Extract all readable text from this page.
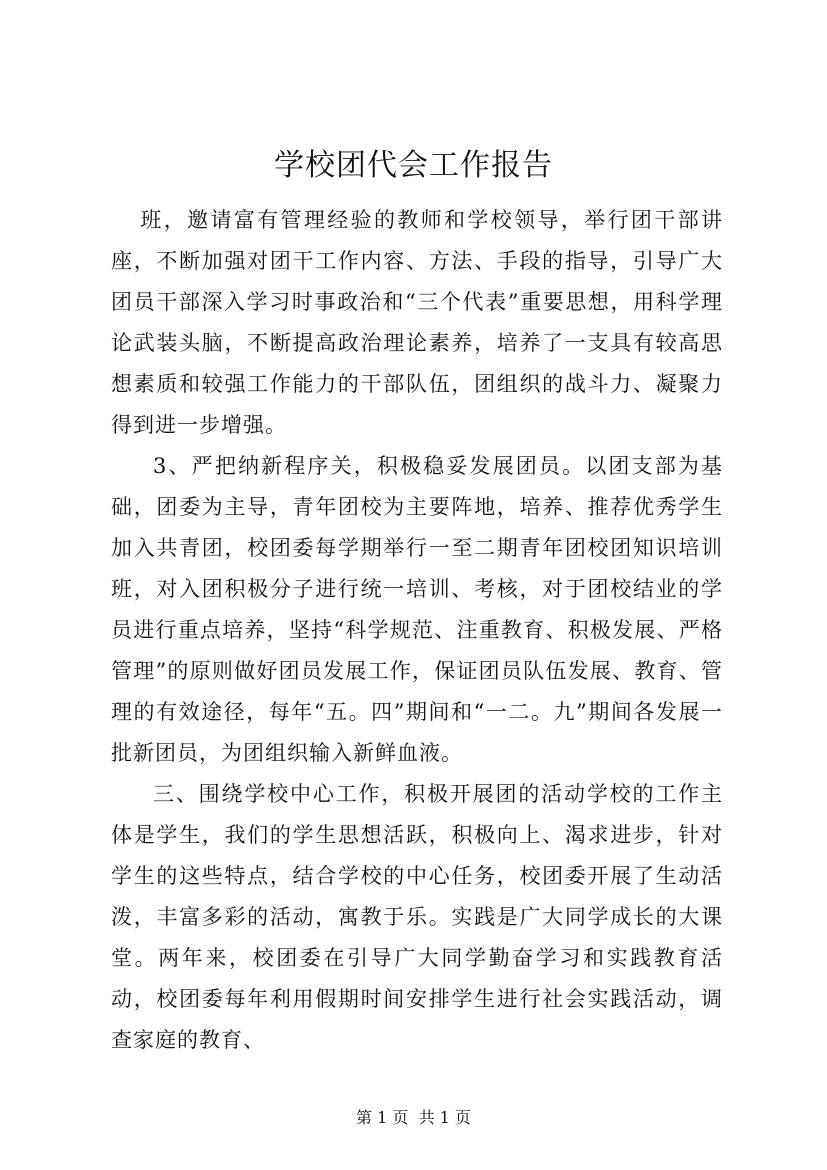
学校团代会工作报告

班，邀请富有管理经验的教师和学校领导，举行团干部讲座，不断加强对团干工作内容、方法、手段的指导，引导广大团员干部深入学习时事政治和“三个代表”重要思想，用科学理论武装头脑，不断提高政治理论素养，培养了一支具有较高思想素质和较强工作能力的干部队伍，团组织的战斗力、凝聚力得到进一步增强。

3、严把纳新程序关，积极稳妥发展团员。以团支部为基础，团委为主导，青年团校为主要阵地，培养、推荐优秀学生加入共青团，校团委每学期举行一至二期青年团校团知识培训班，对入团积极分子进行统一培训、考核，对于团校结业的学员进行重点培养，坚持“科学规范、注重教育、积极发展、严格管理”的原则做好团员发展工作，保证团员队伍发展、教育、管理的有效途径，每年“五。四”期间和“一二。九”期间各发展一批新团员，为团组织输入新鲜血液。

三、围绕学校中心工作，积极开展团的活动学校的工作主体是学生，我们的学生思想活跃，积极向上、渴求进步，针对学生的这些特点，结合学校的中心任务，校团委开展了生动活泼，丰富多彩的活动，寓教于乐。实践是广大同学成长的大课堂。两年来，校团委在引导广大同学勤奋学习和实践教育活动，校团委每年利用假期时间安排学生进行社会实践活动，调查家庭的教育、

第 1 页  共 1 页
